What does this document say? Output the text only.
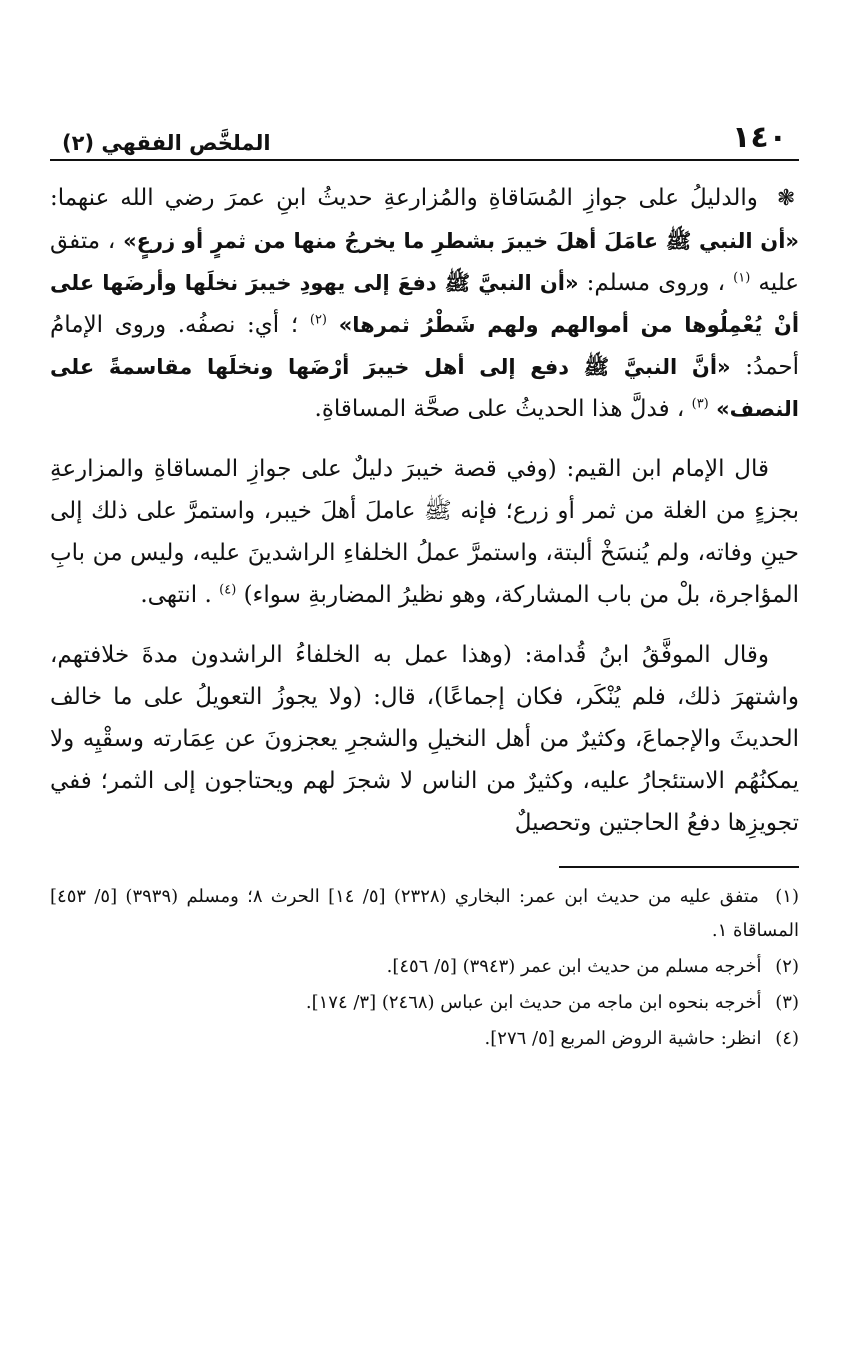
١٤٠
الملخَّص الفقهي (٢)

❃ والدليلُ على جوازِ المُسَاقاةِ والمُزارعةِ حديثُ ابنِ عمرَ رضي الله عنهما: «أن النبي ﷺ عامَلَ أهلَ خيبرَ بشطرِ ما يخرجُ منها من ثمرٍ أو زرعٍ» ، متفق عليه $^{(١)}$ ، وروى مسلم: «أن النبيَّ ﷺ دفعَ إلى يهودِ خيبرَ نخلَها وأرضَها على أنْ يُعْمِلُوها من أموالهم ولهم شَطْرُ ثمرها» $^{(٢)}$ ؛ أي: نصفُه. وروى الإمامُ أحمدُ: «أنَّ النبيَّ ﷺ دفع إلى أهل خيبرَ أرْضَها ونخلَها مقاسمةً على النصف» $^{(٣)}$ ، فدلَّ هذا الحديثُ على صحَّة المساقاةِ.

قال الإمام ابن القيم: (وفي قصة خيبرَ دليلٌ على جوازِ المساقاةِ والمزارعةِ بجزءٍ من الغلة من ثمر أو زرع؛ فإنه ﷺ عاملَ أهلَ خيبر، واستمرَّ على ذلك إلى حينِ وفاته، ولم يُنسَخْ ألبتة، واستمرَّ عملُ الخلفاءِ الراشدينَ عليه، وليس من بابِ المؤاجرة، بلْ من باب المشاركة، وهو نظيرُ المضاربةِ سواء) $^{(٤)}$ . انتهى.

وقال الموفَّقُ ابنُ قُدامة: (وهذا عمل به الخلفاءُ الراشدون مدةَ خلافتهم، واشتهرَ ذلك، فلم يُنْكَر، فكان إجماعًا)، قال: (ولا يجوزُ التعويلُ على ما خالف الحديثَ والإجماعَ، وكثيرٌ من أهل النخيلِ والشجرِ يعجزونَ عن عِمَارته وسقْيِه ولا يمكنُهُم الاستئجارُ عليه، وكثيرٌ من الناس لا شجرَ لهم ويحتاجون إلى الثمر؛ ففي تجويزِها دفعُ الحاجتين وتحصيلٌ

(١) متفق عليه من حديث ابن عمر: البخاري (٢٣٢٨) [٥/ ١٤] الحرث ٨؛ ومسلم (٣٩٣٩) [٥/ ٤٥٣] المساقاة ١.

(٢) أخرجه مسلم من حديث ابن عمر (٣٩٤٣) [٥/ ٤٥٦].

(٣) أخرجه بنحوه ابن ماجه من حديث ابن عباس (٢٤٦٨) [٣/ ١٧٤].

(٤) انظر: حاشية الروض المربع [٥/ ٢٧٦].
